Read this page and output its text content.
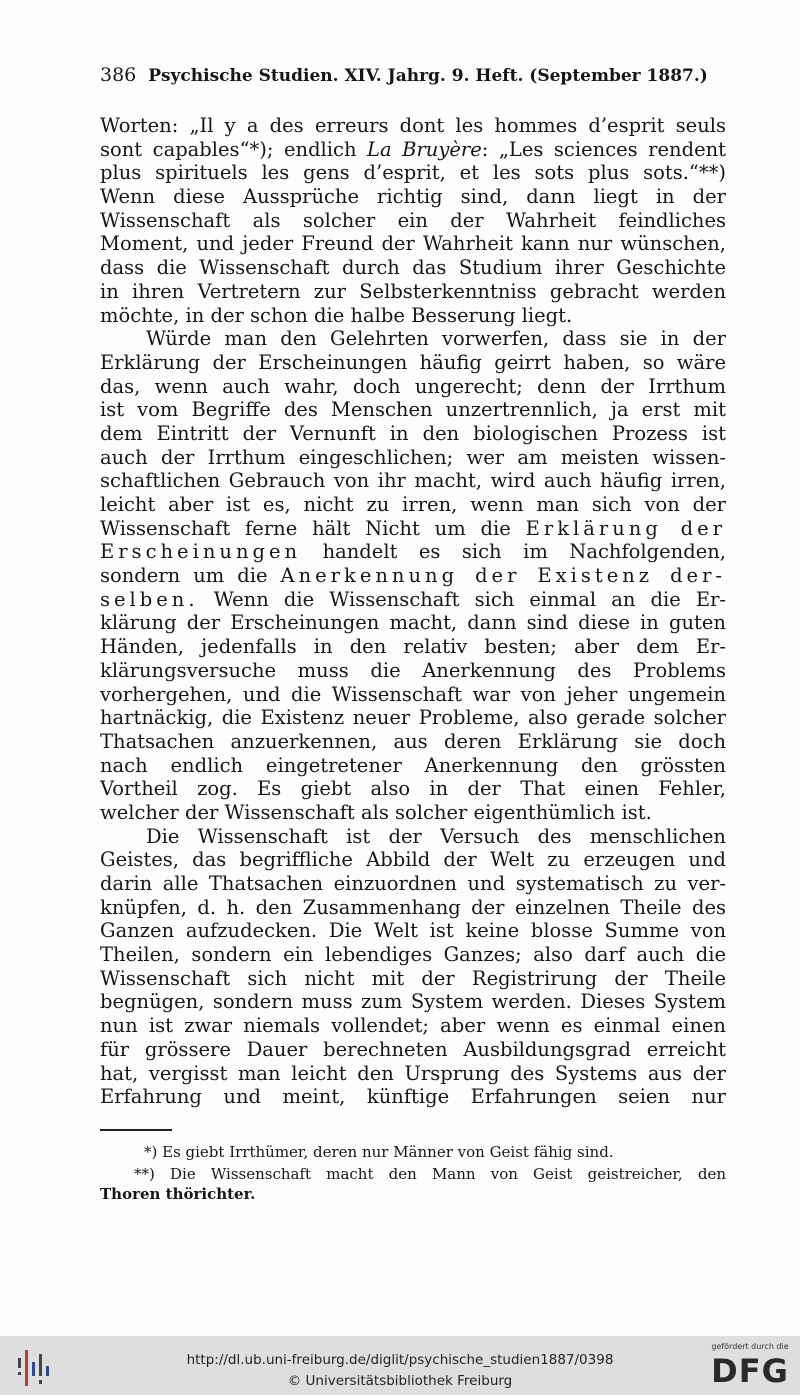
386 Psychische Studien. XIV. Jahrg. 9. Heft. (September 1887.)
Worten: „Il y a des erreurs dont les hommes d’esprit seuls
sont capables“*); endlich La Bruyère: „Les sciences rendent
plus spirituels les gens d’esprit, et les sots plus sots.“**)
Wenn diese Aussprüche richtig sind, dann liegt in der
Wissenschaft als solcher ein der Wahrheit feindliches
Moment, und jeder Freund der Wahrheit kann nur wünschen,
dass die Wissenschaft durch das Studium ihrer Geschichte
in ihren Vertretern zur Selbsterkenntniss gebracht werden
möchte, in der schon die halbe Besserung liegt.
Würde man den Gelehrten vorwerfen, dass sie in der
Erklärung der Erscheinungen häufig geirrt haben, so wäre
das, wenn auch wahr, doch ungerecht; denn der Irrthum
ist vom Begriffe des Menschen unzertrennlich, ja erst mit
dem Eintritt der Vernunft in den biologischen Prozess ist
auch der Irrthum eingeschlichen; wer am meisten wissen-
schaftlichen Gebrauch von ihr macht, wird auch häufig irren,
leicht aber ist es, nicht zu irren, wenn man sich von der
Wissenschaft ferne hält Nicht um die Erklärung der
Erscheinungen handelt es sich im Nachfolgenden,
sondern um die Anerkennung der Existenz der-
selben. Wenn die Wissenschaft sich einmal an die Er-
klärung der Erscheinungen macht, dann sind diese in guten
Händen, jedenfalls in den relativ besten; aber dem Er-
klärungsversuche muss die Anerkennung des Problems
vorhergehen, und die Wissenschaft war von jeher ungemein
hartnäckig, die Existenz neuer Probleme, also gerade solcher
Thatsachen anzuerkennen, aus deren Erklärung sie doch
nach endlich eingetretener Anerkennung den grössten
Vortheil zog. Es giebt also in der That einen Fehler,
welcher der Wissenschaft als solcher eigenthümlich ist.
Die Wissenschaft ist der Versuch des menschlichen
Geistes, das begriffliche Abbild der Welt zu erzeugen und
darin alle Thatsachen einzuordnen und systematisch zu ver-
knüpfen, d. h. den Zusammenhang der einzelnen Theile des
Ganzen aufzudecken. Die Welt ist keine blosse Summe von
Theilen, sondern ein lebendiges Ganzes; also darf auch die
Wissenschaft sich nicht mit der Registrirung der Theile
begnügen, sondern muss zum System werden. Dieses System
nun ist zwar niemals vollendet; aber wenn es einmal einen
für grössere Dauer berechneten Ausbildungsgrad erreicht
hat, vergisst man leicht den Ursprung des Systems aus der
Erfahrung und meint, künftige Erfahrungen seien nur
*) Es giebt Irrthümer, deren nur Männer von Geist fähig sind.
**) Die Wissenschaft macht den Mann von Geist geistreicher, den
Thoren thörichter.
http://dl.ub.uni-freiburg.de/diglit/psychische_studien1887/0398
© Universitätsbibliothek Freiburg
gefördert durch die
DFG
